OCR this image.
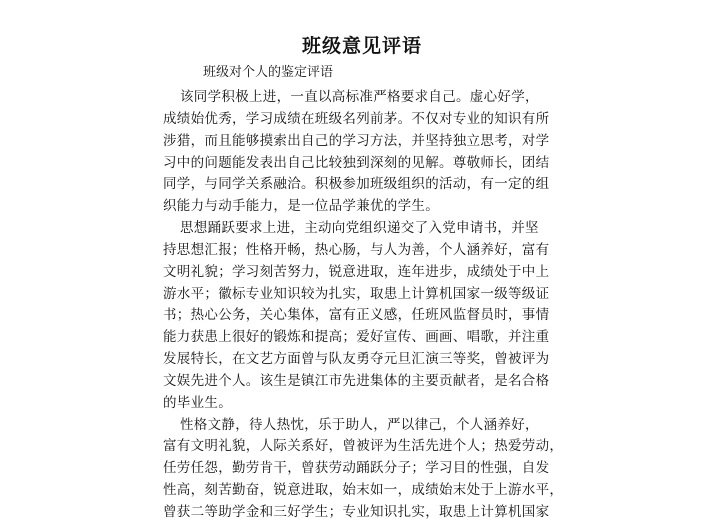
班级意见评语
班级对个人的鉴定评语
该同学积极上进，一直以高标准严格要求自己。虚心好学，
成绩始优秀，学习成绩在班级名列前茅。不仅对专业的知识有所
涉猎，而且能够摸索出自己的学习方法，并坚持独立思考，对学
习中的问题能发表出自己比较独到深刻的见解。尊敬师长，团结
同学，与同学关系融洽。积极参加班级组织的活动，有一定的组
织能力与动手能力，是一位品学兼优的学生。
思想踊跃要求上进，主动向党组织递交了入党申请书，并坚
持思想汇报；性格开畅，热心肠，与人为善，个人涵养好，富有
文明礼貌；学习刻苦努力，锐意进取，连年进步，成绩处于中上
游水平；徽标专业知识较为扎实，取患上计算机国家一级等级证
书；热心公务，关心集体，富有正义感，任班风监督员时，事情
能力获患上很好的锻炼和提高；爱好宣传、画画、唱歌，并注重
发展特长，在文艺方面曾与队友勇夺元旦汇演三等奖，曾被评为
文娱先进个人。该生是镇江市先进集体的主要贡献者，是名合格
的毕业生。
性格文静，待人热忱，乐于助人，严以律己，个人涵养好，
富有文明礼貌，人际关系好，曾被评为生活先进个人；热爱劳动，
任劳任怨，勤劳肯干，曾获劳动踊跃分子；学习目的性强，自发
性高，刻苦勤奋，锐意进取，始末如一，成绩始末处于上游水平，
曾获二等助学金和三好学生；专业知识扎实，取患上计算机国家
